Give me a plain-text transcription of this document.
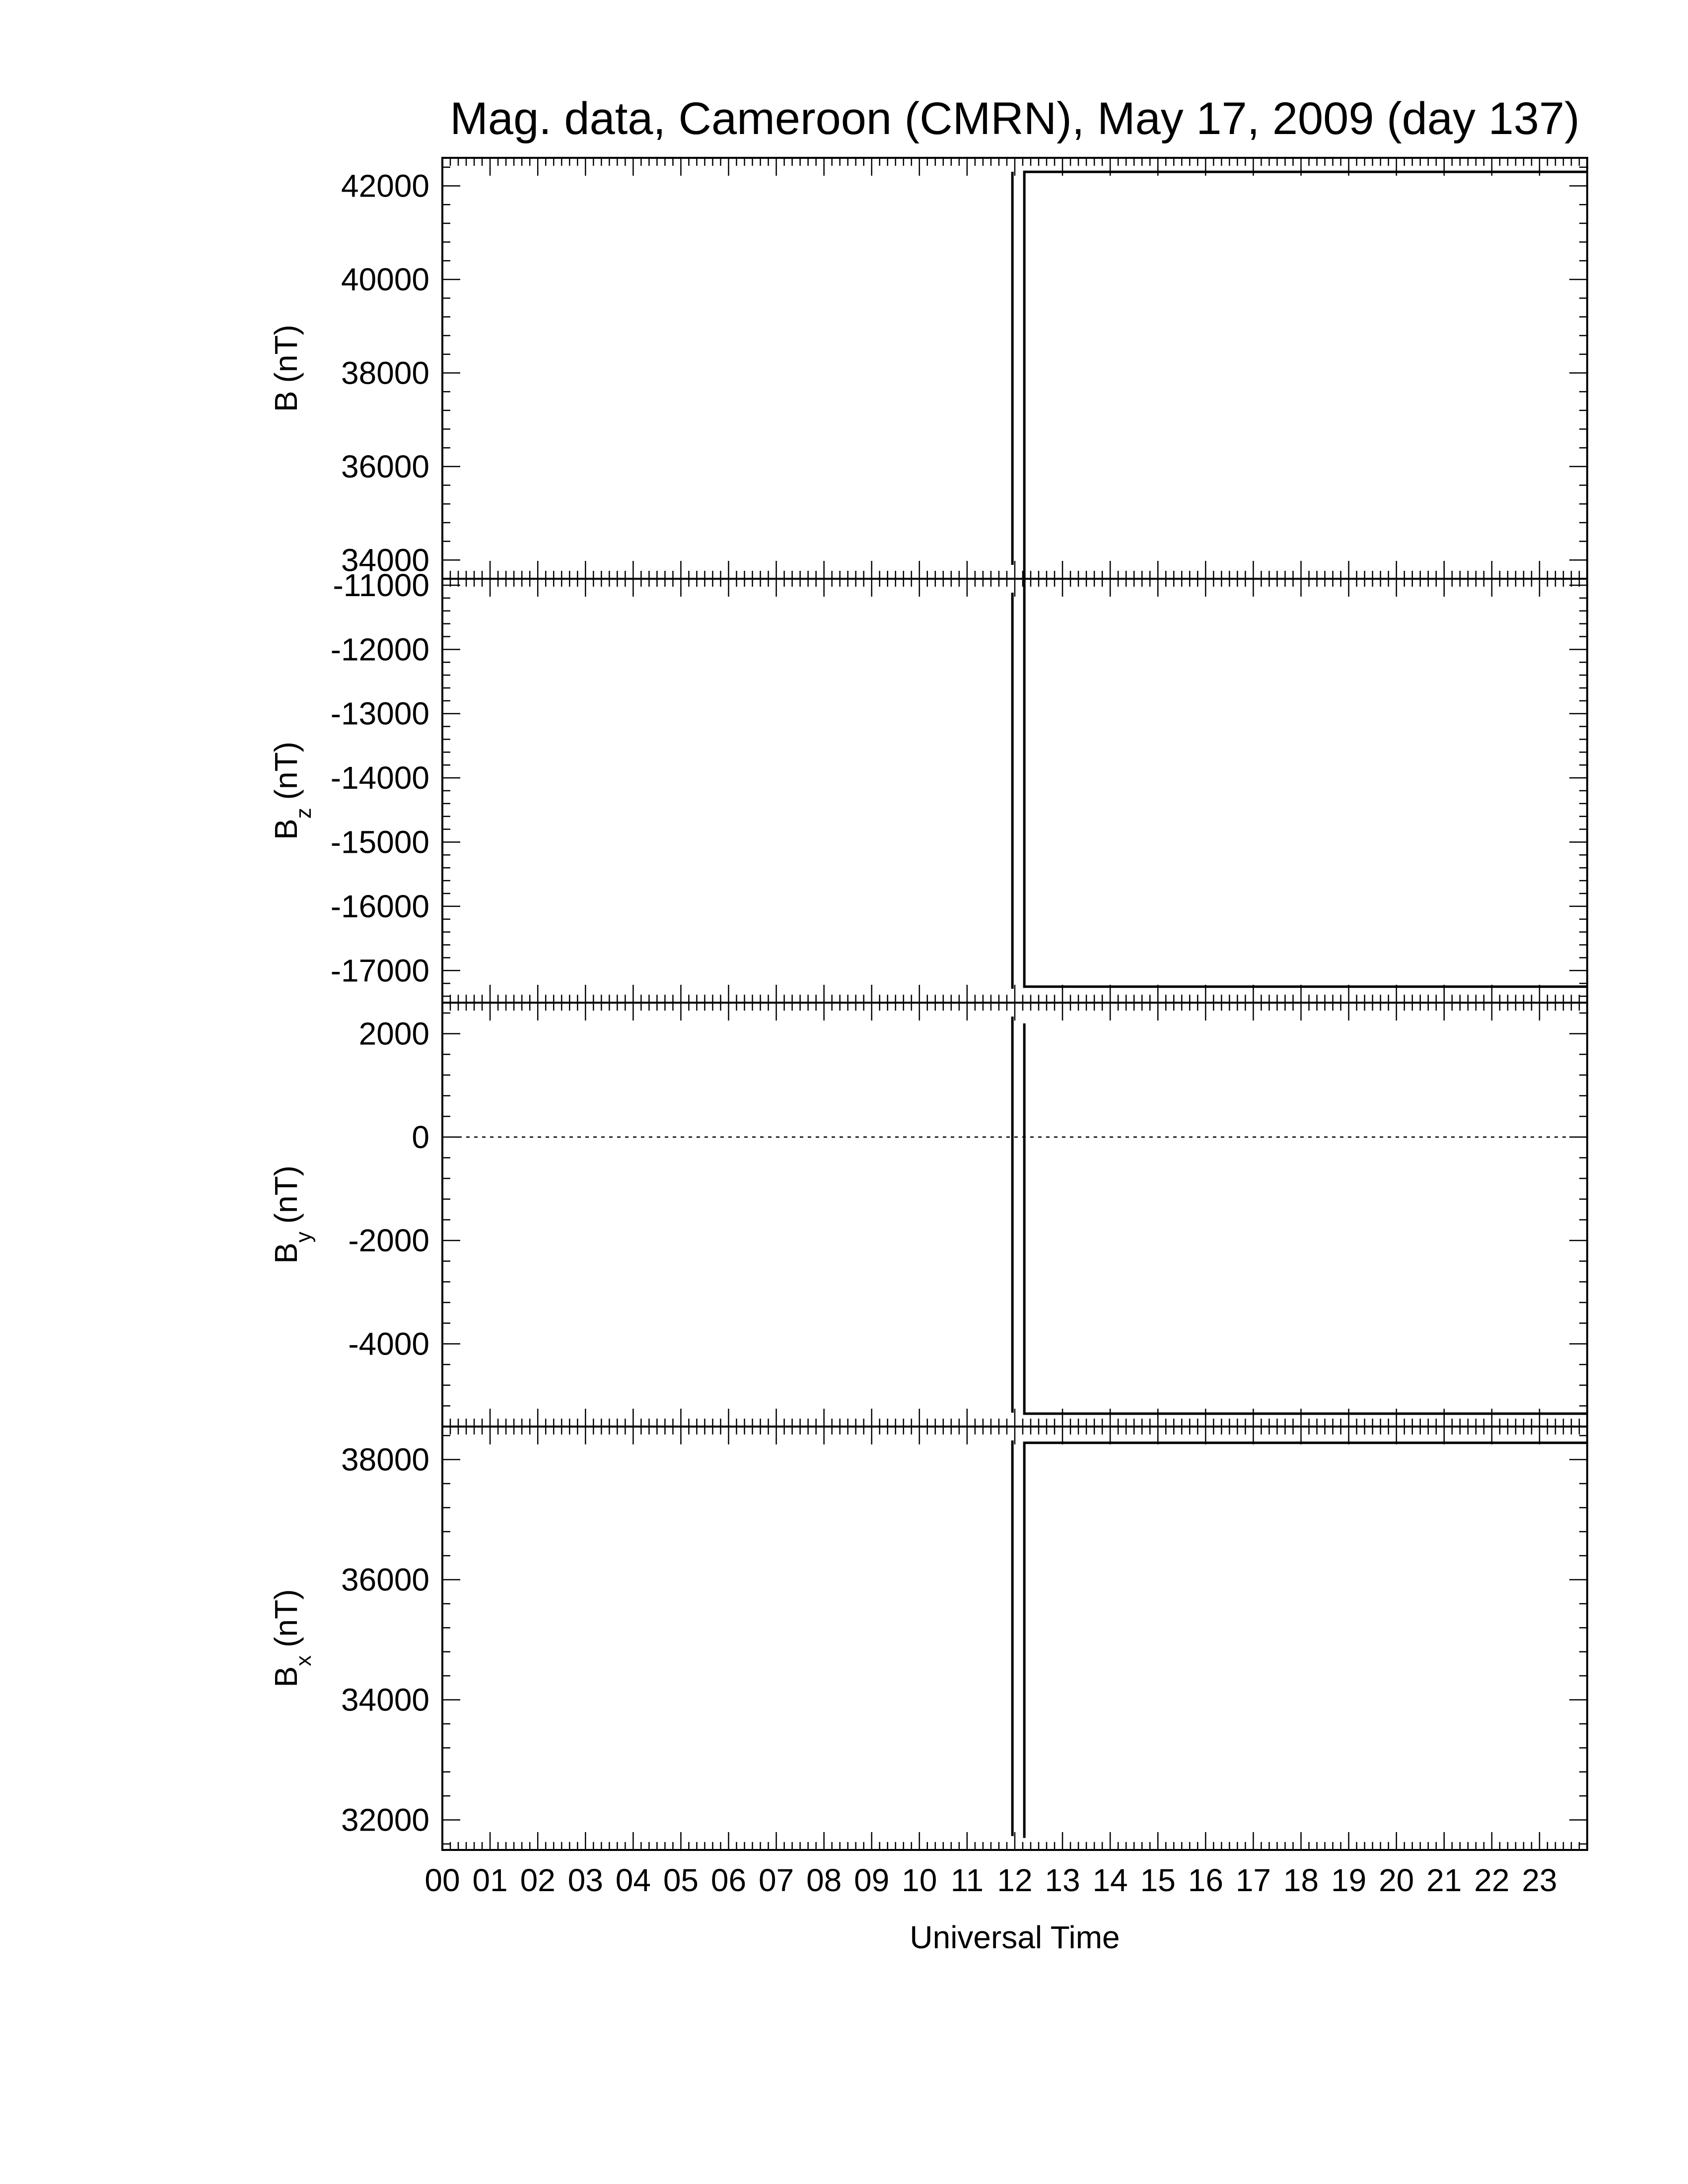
Mag. data, Cameroon (CMRN), May 17, 2009 (day 137)
34000
36000
38000
40000
42000
B(nT)
-17000
-16000
-15000
-14000
-13000
-12000
-11000
$B_z(nT)$
-4000
-2000
0
2000
$B_y(nT)$
32000
34000
36000
38000
$B_x(nT)$
00 01 02 03 04 05 06 07 08 09 10 11 12 13 14 15 16 17 18 19 20 21 22 23
Universal Time
